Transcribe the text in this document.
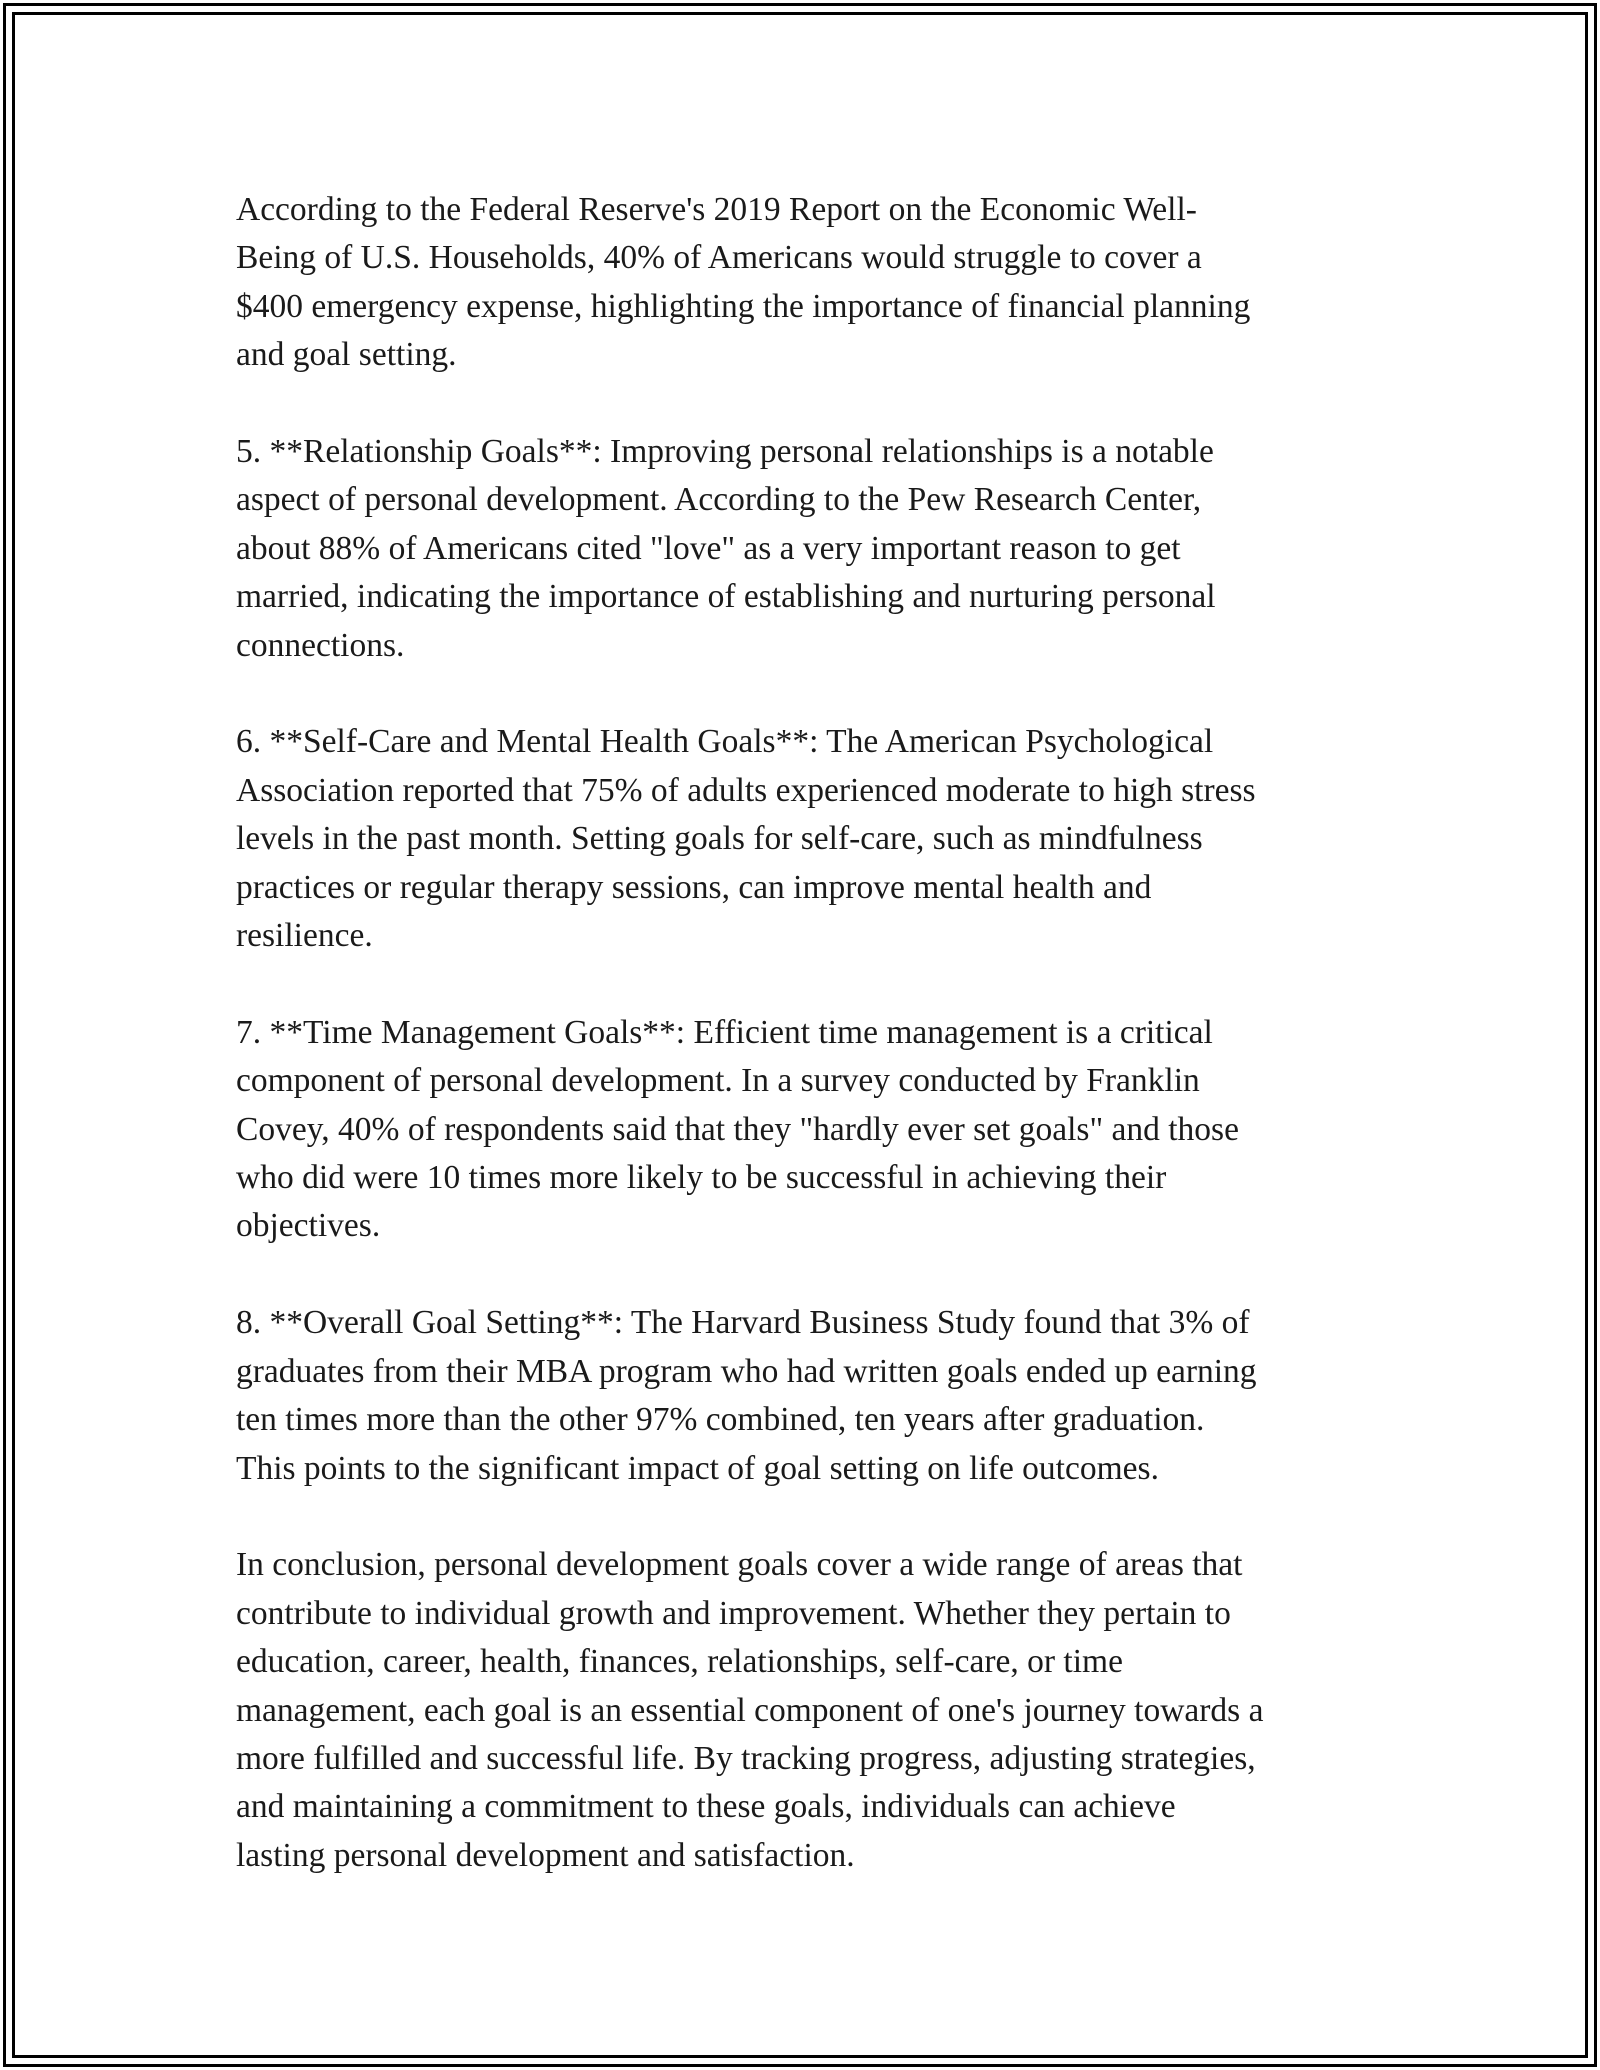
According to the Federal Reserve's 2019 Report on the Economic Well-
Being of U.S. Households, 40% of Americans would struggle to cover a
$400 emergency expense, highlighting the importance of financial planning
and goal setting.

5. **Relationship Goals**: Improving personal relationships is a notable
aspect of personal development. According to the Pew Research Center,
about 88% of Americans cited "love" as a very important reason to get
married, indicating the importance of establishing and nurturing personal
connections.

6. **Self-Care and Mental Health Goals**: The American Psychological
Association reported that 75% of adults experienced moderate to high stress
levels in the past month. Setting goals for self-care, such as mindfulness
practices or regular therapy sessions, can improve mental health and
resilience.

7. **Time Management Goals**: Efficient time management is a critical
component of personal development. In a survey conducted by Franklin
Covey, 40% of respondents said that they "hardly ever set goals" and those
who did were 10 times more likely to be successful in achieving their
objectives.

8. **Overall Goal Setting**: The Harvard Business Study found that 3% of
graduates from their MBA program who had written goals ended up earning
ten times more than the other 97% combined, ten years after graduation.
This points to the significant impact of goal setting on life outcomes.

In conclusion, personal development goals cover a wide range of areas that
contribute to individual growth and improvement. Whether they pertain to
education, career, health, finances, relationships, self-care, or time
management, each goal is an essential component of one's journey towards a
more fulfilled and successful life. By tracking progress, adjusting strategies,
and maintaining a commitment to these goals, individuals can achieve
lasting personal development and satisfaction.
